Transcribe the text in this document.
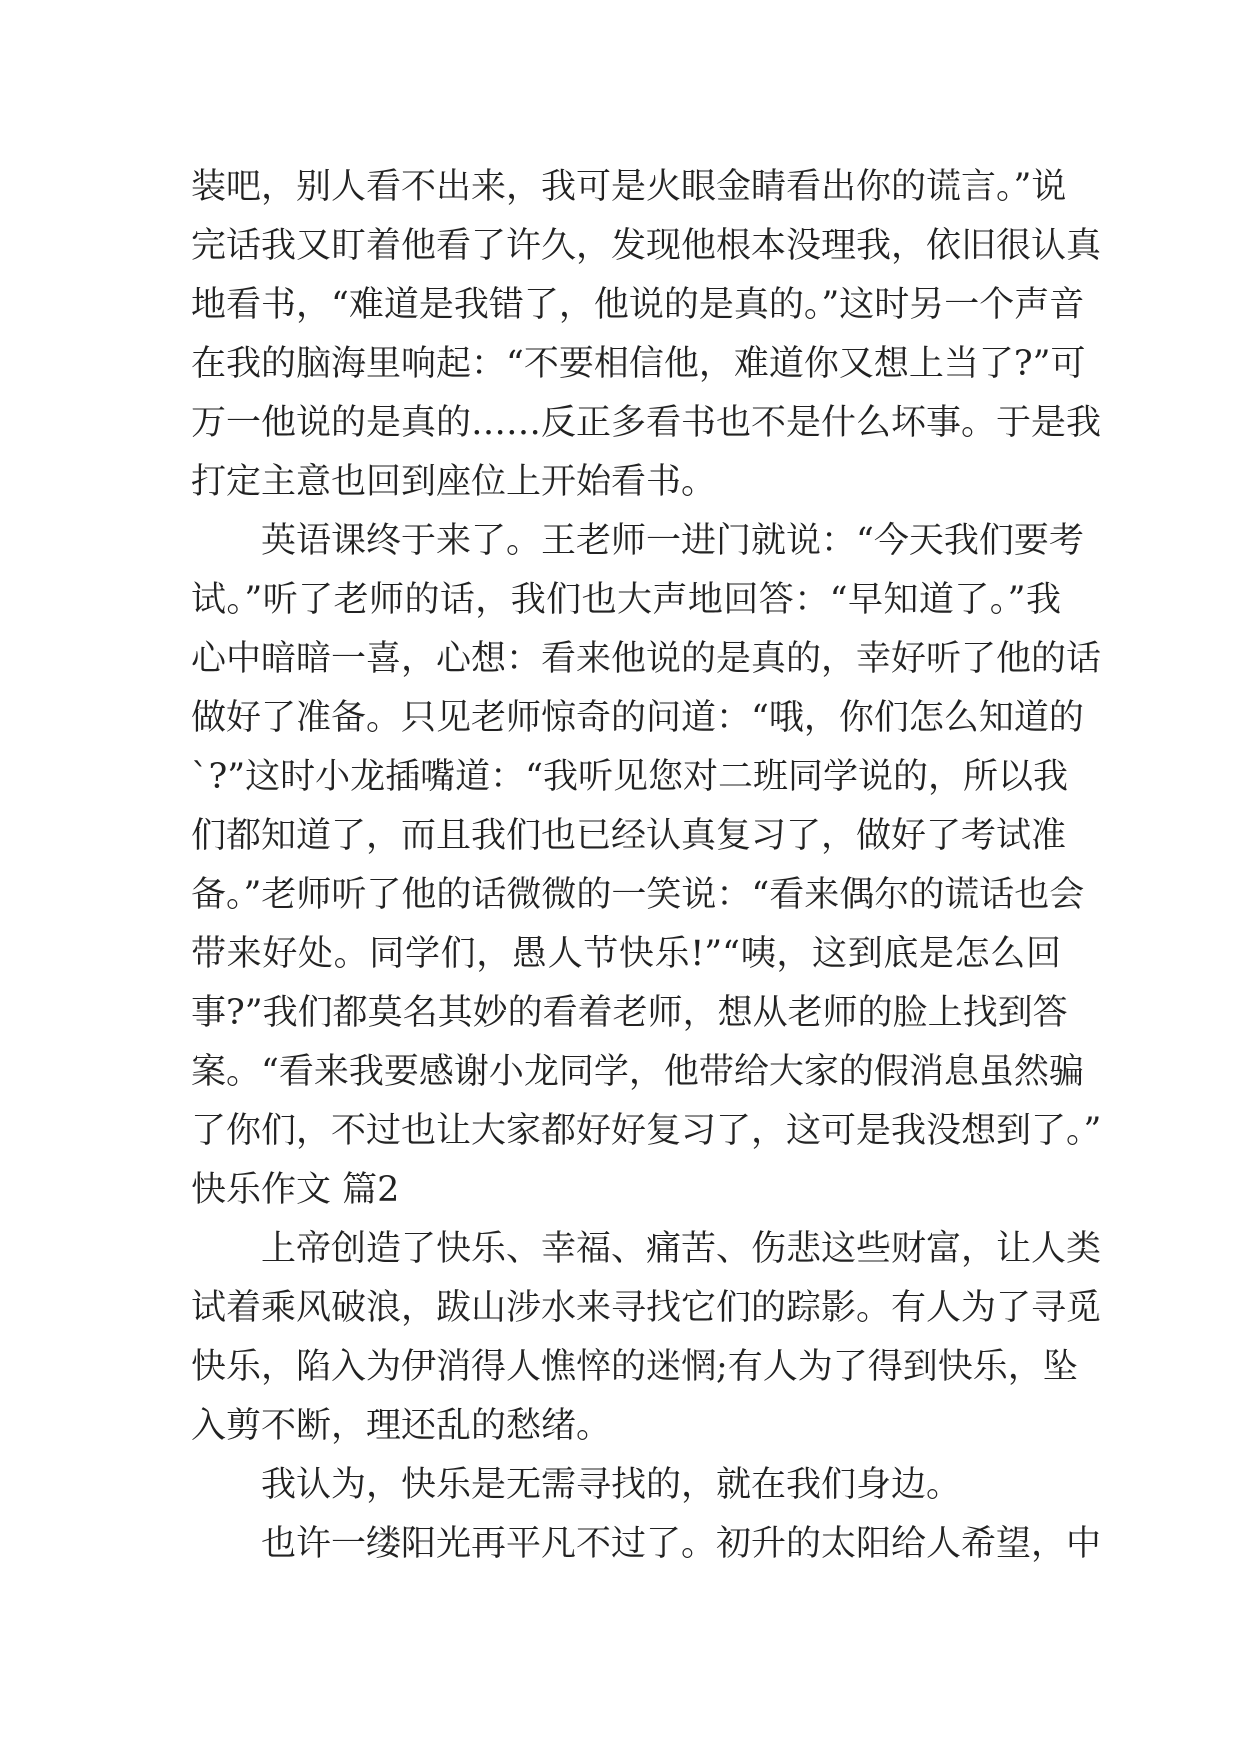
装吧，别人看不出来，我可是火眼金睛看出你的谎言。”说
完话我又盯着他看了许久，发现他根本没理我，依旧很认真
地看书，“难道是我错了，他说的是真的。”这时另一个声音
在我的脑海里响起：“不要相信他，难道你又想上当了?”可
万一他说的是真的……反正多看书也不是什么坏事。于是我
打定主意也回到座位上开始看书。
英语课终于来了。王老师一进门就说：“今天我们要考
试。”听了老师的话，我们也大声地回答：“早知道了。”我
心中暗暗一喜，心想：看来他说的是真的，幸好听了他的话
做好了准备。只见老师惊奇的问道：“哦，你们怎么知道的
`?”这时小龙插嘴道：“我听见您对二班同学说的，所以我
们都知道了，而且我们也已经认真复习了，做好了考试准
备。”老师听了他的话微微的一笑说：“看来偶尔的谎话也会
带来好处。同学们，愚人节快乐!”“咦，这到底是怎么回
事?”我们都莫名其妙的看着老师，想从老师的脸上找到答
案。“看来我要感谢小龙同学，他带给大家的假消息虽然骗
了你们，不过也让大家都好好复习了，这可是我没想到了。”
快乐作文 篇2
上帝创造了快乐、幸福、痛苦、伤悲这些财富，让人类
试着乘风破浪，跋山涉水来寻找它们的踪影。有人为了寻觅
快乐，陷入为伊消得人憔悴的迷惘;有人为了得到快乐，坠
入剪不断，理还乱的愁绪。
我认为，快乐是无需寻找的，就在我们身边。
也许一缕阳光再平凡不过了。初升的太阳给人希望，中
